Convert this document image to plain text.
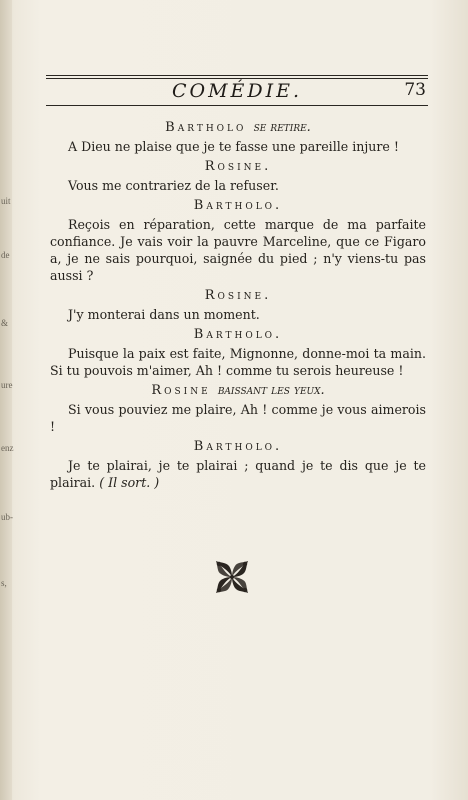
uit
de
&
ure
enz
ub-
s,
COMÉDIE.	73
Bartholo se retire.
A Dieu ne plaise que je te fasse une pareille injure !
Rosine.
Vous me contrariez de la refuser.
Bartholo.
Reçois en réparation, cette marque de ma parfaite confiance. Je vais voir la pauvre Marceline, que ce Figaro a, je ne sais pourquoi, saignée du pied ; n'y viens-tu pas aussi ?
Rosine.
J'y monterai dans un moment.
Bartholo.
Puisque la paix est faite, Mignonne, donne-moi ta main. Si tu pouvois m'aimer, Ah ! comme tu serois heureuse !
Rosine baissant les yeux.
Si vous pouviez me plaire, Ah ! comme je vous aimerois !
Bartholo.
Je te plairai, je te plairai ; quand je te dis que je te plairai. ( Il sort. )
